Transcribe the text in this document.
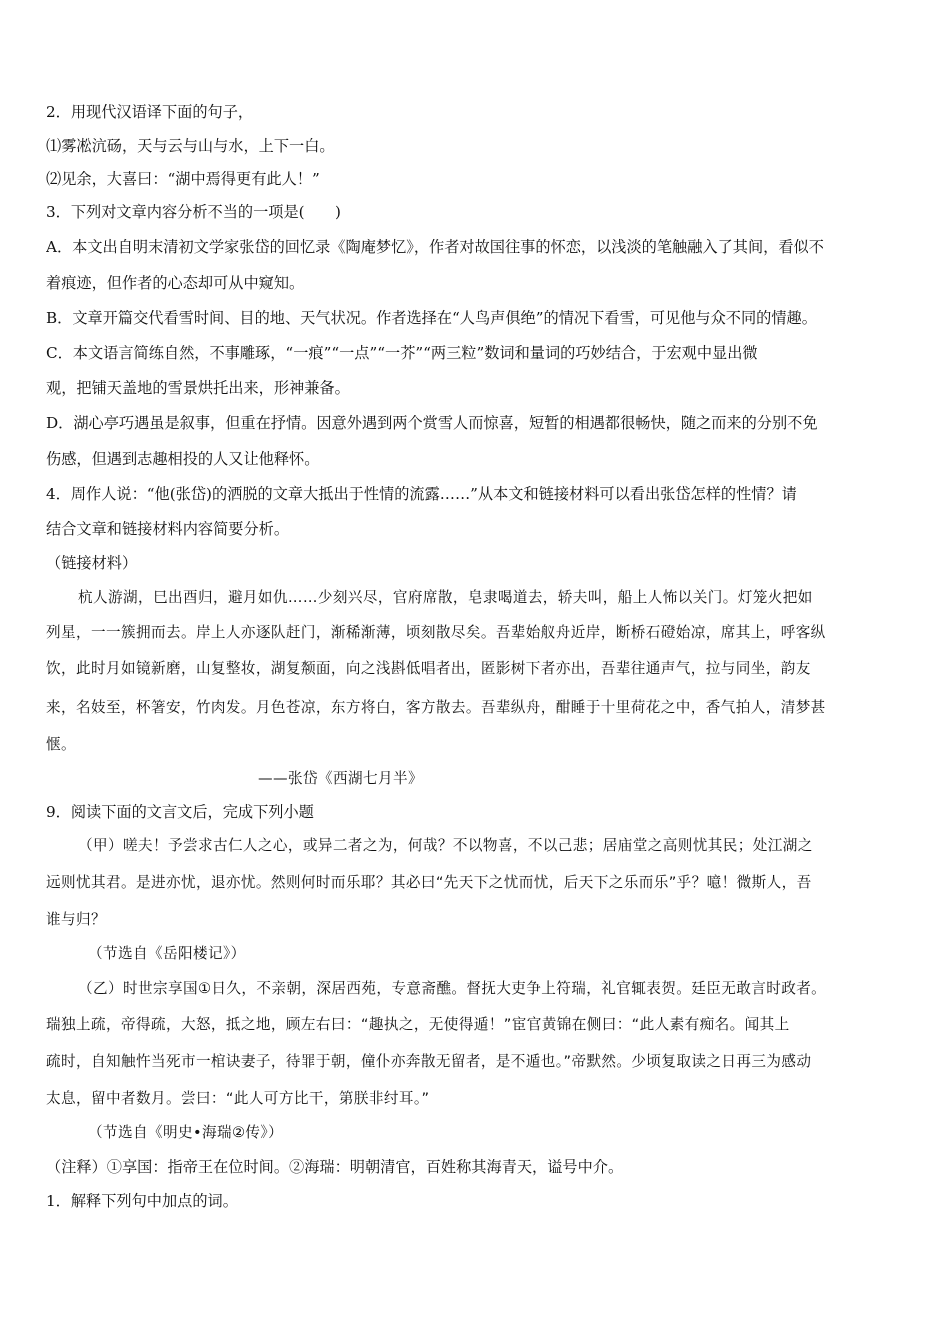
2．用现代汉语译下面的句子，
⑴雾凇沆砀，天与云与山与水，上下一白。
⑵见余，大喜曰：“湖中焉得更有此人！”
3．下列对文章内容分析不当的一项是(　　)
A．本文出自明末清初文学家张岱的回忆录《陶庵梦忆》，作者对故国往事的怀恋，以浅淡的笔触融入了其间，看似不
着痕迹，但作者的心态却可从中窥知。
B．文章开篇交代看雪时间、目的地、天气状况。作者选择在“人鸟声俱绝”的情况下看雪，可见他与众不同的情趣。
C．本文语言简练自然，不事雕琢，“一痕”“一点”“一芥”“两三粒”数词和量词的巧妙结合，于宏观中显出微
观，把铺天盖地的雪景烘托出来，形神兼备。
D．湖心亭巧遇虽是叙事，但重在抒情。因意外遇到两个赏雪人而惊喜，短暂的相遇都很畅快，随之而来的分别不免
伤感，但遇到志趣相投的人又让他释怀。
4．周作人说：“他(张岱)的洒脱的文章大抵出于性情的流露……”从本文和链接材料可以看出张岱怎样的性情？请
结合文章和链接材料内容简要分析。
（链接材料）
杭人游湖，巳出酉归，避月如仇……少刻兴尽，官府席散，皂隶喝道去，轿夫叫，船上人怖以关门。灯笼火把如
列星，一一簇拥而去。岸上人亦逐队赶门，渐稀渐薄，顷刻散尽矣。吾辈始舣舟近岸，断桥石磴始凉，席其上，呼客纵
饮，此时月如镜新磨，山复整妆，湖复颒面，向之浅斟低唱者出，匿影树下者亦出，吾辈往通声气，拉与同坐，韵友
来，名妓至，杯箸安，竹肉发。月色苍凉，东方将白，客方散去。吾辈纵舟，酣睡于十里荷花之中，香气拍人，清梦甚
惬。
——张岱《西湖七月半》
9．阅读下面的文言文后，完成下列小题
（甲）嗟夫！予尝求古仁人之心，或异二者之为，何哉？不以物喜，不以己悲；居庙堂之高则忧其民；处江湖之
远则忧其君。是进亦忧，退亦忧。然则何时而乐耶？其必曰“先天下之忧而忧，后天下之乐而乐”乎？噫！微斯人，吾
谁与归？
（节选自《岳阳楼记》）
（乙）时世宗享国①日久，不亲朝，深居西苑，专意斋醮。督抚大吏争上符瑞，礼官辄表贺。廷臣无敢言时政者。
瑞独上疏，帝得疏，大怒，抵之地，顾左右曰：“趣执之，无使得遁！”宦官黄锦在侧曰：“此人素有痴名。闻其上
疏时，自知触忤当死市一棺诀妻子，待罪于朝，僮仆亦奔散无留者，是不遁也。”帝默然。少顷复取读之日再三为感动
太息，留中者数月。尝曰：“此人可方比干，第朕非纣耳。”
（节选自《明史•海瑞②传》）
（注释）①享国：指帝王在位时间。②海瑞：明朝清官，百姓称其海青天，谥号中介。
1．解释下列句中加点的词。
